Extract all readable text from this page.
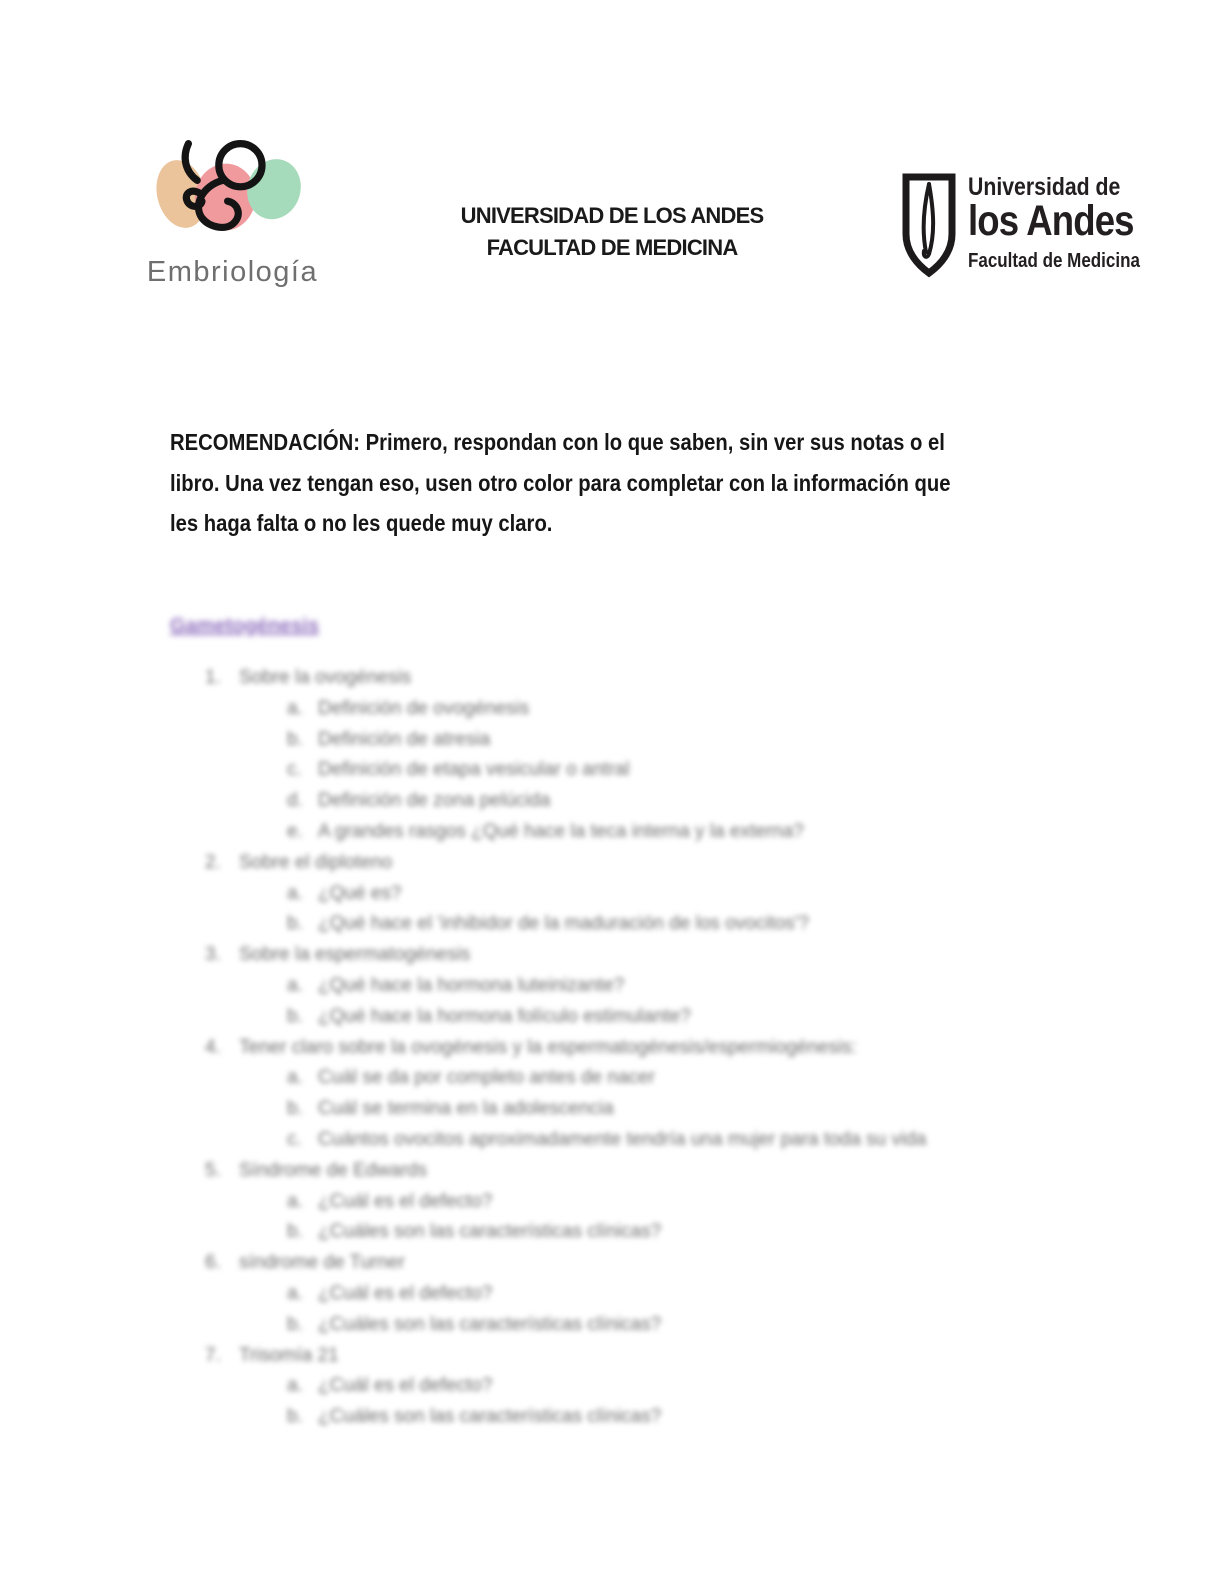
Embriología
UNIVERSIDAD DE LOS ANDES
FACULTAD DE MEDICINA
Universidad de
los Andes
Facultad de Medicina

RECOMENDACIÓN: Primero, respondan con lo que saben, sin ver sus notas o el
libro. Una vez tengan eso, usen otro color para completar con la información que
les haga falta o no les quede muy claro.

Gametogénesis
1. Sobre la ovogénesis
a. Definición de ovogénesis
b. Definición de atresia
c. Definición de etapa vesicular o antral
d. Definición de zona pelúcida
e. A grandes rasgos ¿Qué hace la teca interna y la externa?
2. Sobre el diploteno
a. ¿Qué es?
b. ¿Qué hace el 'inhibidor de la maduración de los ovocitos'?
3. Sobre la espermatogénesis
a. ¿Qué hace la hormona luteinizante?
b. ¿Qué hace la hormona folículo estimulante?
4. Tener claro sobre la ovogénesis y la espermatogénesis/espermiogénesis:
a. Cuál se da por completo antes de nacer
b. Cuál se termina en la adolescencia
c. Cuántos ovocitos aproximadamente tendría una mujer para toda su vida
5. Síndrome de Edwards
a. ¿Cuál es el defecto?
b. ¿Cuáles son las características clínicas?
6. síndrome de Turner
a. ¿Cuál es el defecto?
b. ¿Cuáles son las características clínicas?
7. Trisomía 21
a. ¿Cuál es el defecto?
b. ¿Cuáles son las características clínicas?
